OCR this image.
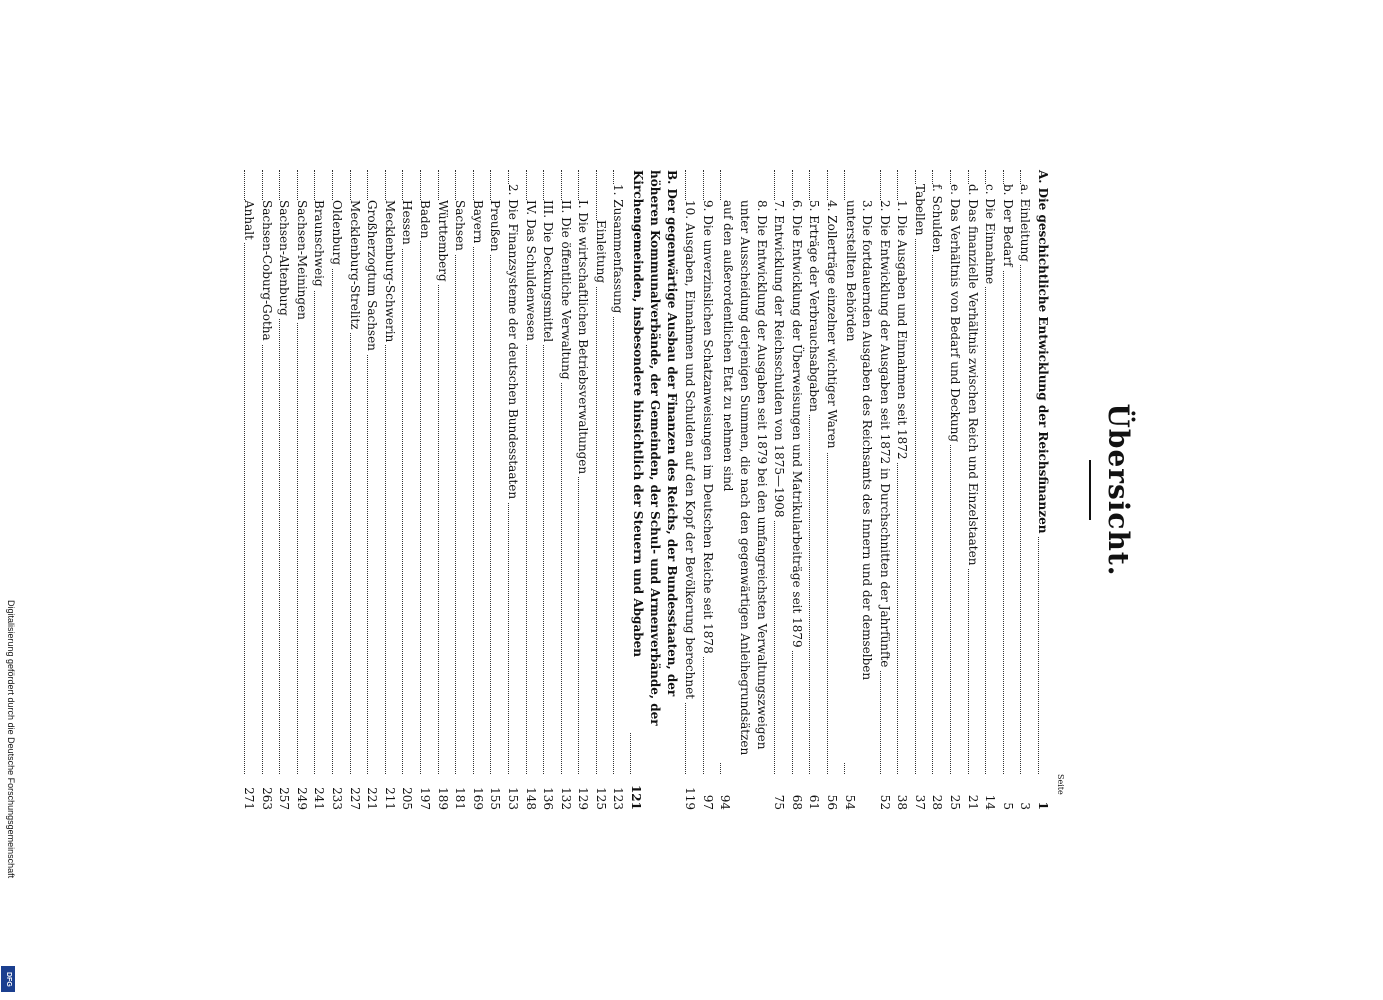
Übersicht.
Seite
A. Die geschichtliche Entwicklung der Reichsfinanzen
1
a. Einleitung
3
b. Der Bedarf
5
c. Die Einnahme
14
d. Das finanzielle Verhältnis zwischen Reich und Einzelstaaten
21
e. Das Verhältnis von Bedarf und Deckung
25
f. Schulden
28
Tabellen
37
1. Die Ausgaben und Einnahmen seit 1872
38
2. Die Entwicklung der Ausgaben seit 1872 in Durchschnitten der Jahrfünfte
52
3. Die fortdauernden Ausgaben des Reichsamts des Innern und der demselben unterstellten Behörden
54
4. Zollerträge einzelner wichtiger Waren
56
5. Erträge der Verbrauchsabgaben
61
6. Die Entwicklung der Überweisungen und Matrikularbeiträge seit 1879
68
7. Entwicklung der Reichsschulden von 1875—1908
75
8. Die Entwicklung der Ausgaben seit 1879 bei den umfangreichsten Verwaltungszweigen unter Ausscheidung derjenigen Summen, die nach den gegenwärtigen Anleihegrundsätzen auf den außerordentlichen Etat zu nehmen sind
94
9. Die unverzinslichen Schatzanweisungen im Deutschen Reiche seit 1878
97
10. Ausgaben, Einnahmen und Schulden auf den Kopf der Bevölkerung berechnet
119
B. Der gegenwärtige Ausbau der Finanzen des Reichs, der Bundesstaaten, der höheren Kommunalverbände, der Gemeinden, der Schul- und Armenverbände, der Kirchengemeinden, insbesondere hinsichtlich der Steuern und Abgaben
121
1. Zusammenfassung
123
Einleitung
125
I. Die wirtschaftlichen Betriebsverwaltungen
129
II. Die öffentliche Verwaltung
132
III. Die Deckungsmittel
136
IV. Das Schuldenwesen
148
2. Die Finanzsysteme der deutschen Bundesstaaten
153
Preußen
155
Bayern
169
Sachsen
181
Württemberg
189
Baden
197
Hessen
205
Mecklenburg-Schwerin
211
Großherzogtum Sachsen
221
Mecklenburg-Strelitz
227
Oldenburg
233
Braunschweig
241
Sachsen-Meiningen
249
Sachsen-Altenburg
257
Sachsen-Coburg-Gotha
263
Anhalt
271
Digitalisierung gefördert durch die Deutsche Forschungsgemeinschaft
DFG
